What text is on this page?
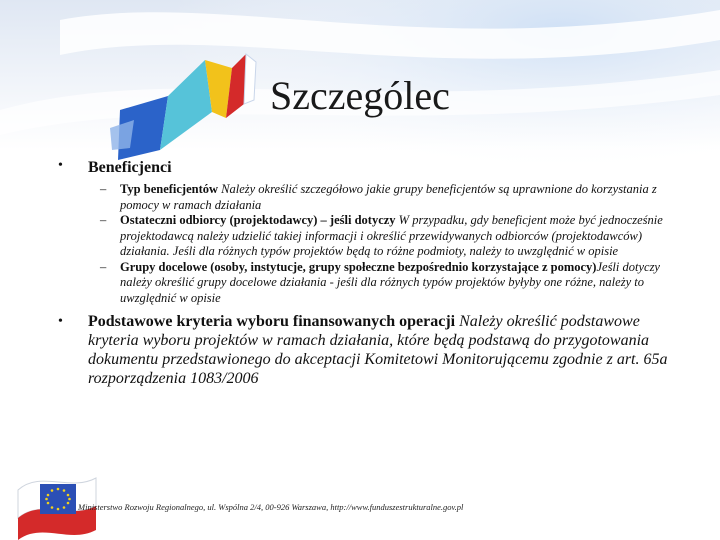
Szczególec
• Beneficjenci
– Typ beneficjentów Należy określić szczegółowo jakie grupy beneficjentów są uprawnione do korzystania z pomocy w ramach działania
– Ostateczni odbiorcy (projektodawcy) – jeśli dotyczy W przypadku, gdy beneficjent może być jednocześnie projektodawcą należy udzielić takiej informacji i określić przewidywanych odbiorców (projektodawców) działania. Jeśli dla różnych typów projektów będą to różne podmioty, należy to uwzględnić w opisie
– Grupy docelowe (osoby, instytucje, grupy społeczne bezpośrednio korzystające z pomocy)Jeśli dotyczy należy określić grupy docelowe działania - jeśli dla różnych typów projektów byłyby one różne, należy to uwzględnić w opisie
• Podstawowe kryteria wyboru finansowanych operacji Należy określić podstawowe kryteria wyboru projektów w ramach działania, które będą podstawą do przygotowania dokumentu przedstawionego do akceptacji Komitetowi Monitorującemu zgodnie z art. 65a rozporządzenia 1083/2006
Ministerstwo Rozwoju Regionalnego, ul. Wspólna 2/4, 00-926 Warszawa, http://www.funduszestrukturalne.gov.pl
